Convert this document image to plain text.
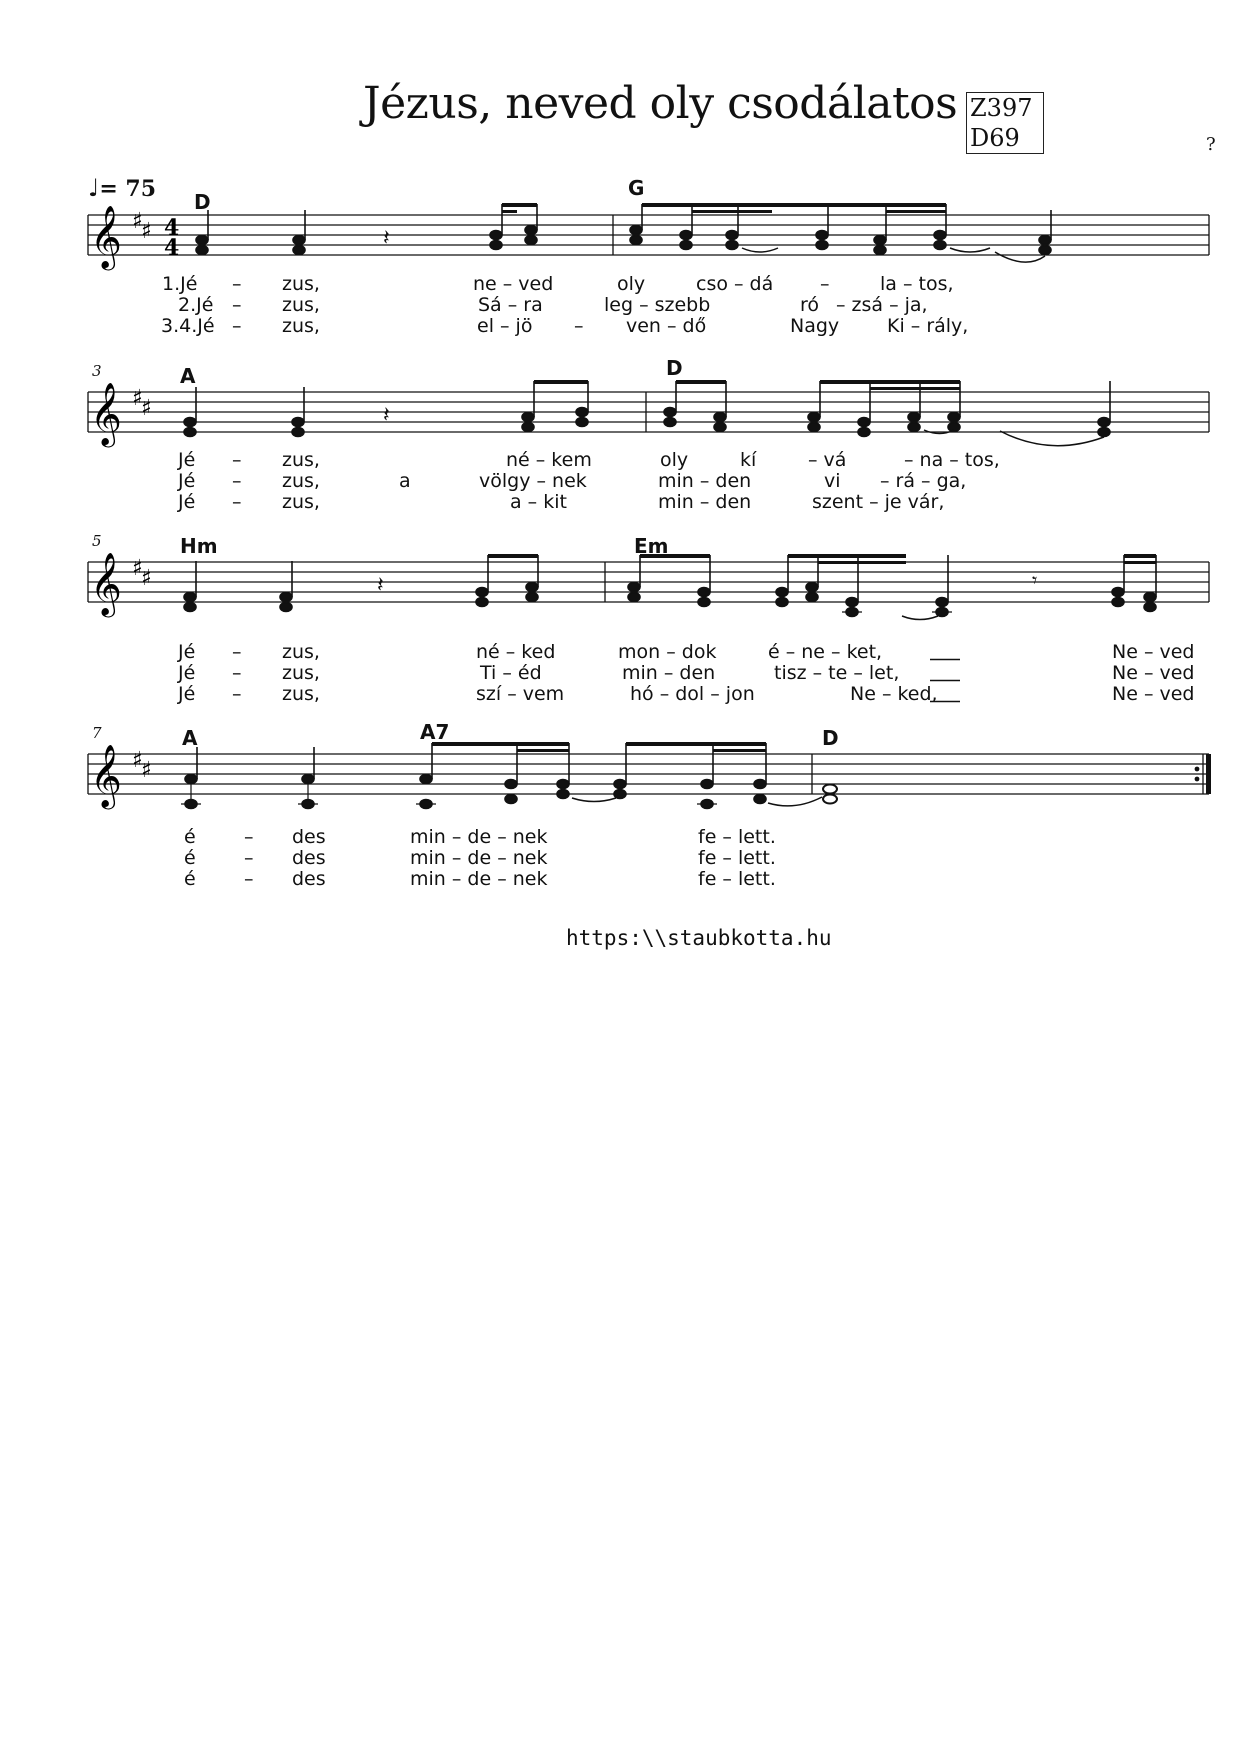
Jézus, neved oly csodálatos Z397
D69	?
♩= 75
𝄞 ♯
♯ 4
4	𝄽
D
G
1.Jé – zus,	ne – ved	oly	cso – dá –	la – tos,
2.Jé – zus,	Sá – ra	leg – szebb	ró – zsá – ja,
3.4.Jé – zus,	el – jö – ven – dő	Nagy	Ki – rály,
3
𝄞 ♯
♯	𝄽
A	D
Jé – zus,	né – kem	oly	kí	– vá	– na – tos,
Jé – zus,	a	völgy – nek	min – den	vi – rá – ga,
Jé – zus,	a – kit	min – den	szent – je vár,
5
𝄞 ♯
♯	𝄽	𝄾
Hm	Em
Jé – zus,	né – ked	mon – dok	é – ne – ket,	Ne – ved
Jé – zus,	Ti – éd	min – den	tisz – te – let,	Ne – ved
Jé – zus,	szí – vem	hó – dol – jon	Ne – ked,	Ne – ved
7
𝄞 ♯
♯
A	A7	D
é	– des	min – de – nek	fe – lett.
é	– des	min – de – nek	fe – lett.
é	– des	min – de – nek	fe – lett.
https:\\staubkotta.hu
